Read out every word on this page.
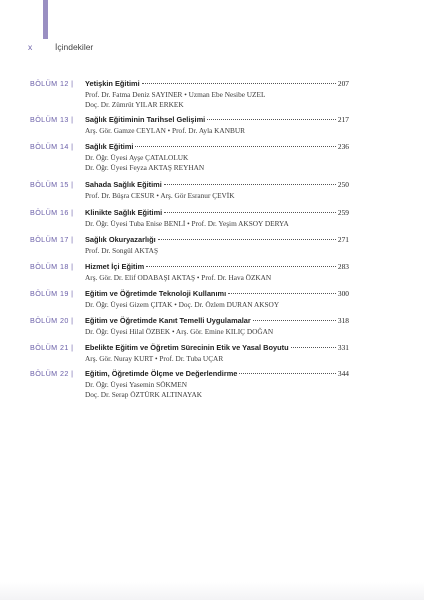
x	İçindekiler
BÖLÜM 12 | Yetişkin Eğitimi	207
Prof. Dr. Fatma Deniz SAYINER • Uzman Ebe Nesibe UZEL
Doç. Dr. Zümrüt YILAR ERKEK
BÖLÜM 13 | Sağlık Eğitiminin Tarihsel Gelişimi	217
Arş. Gör. Gamze CEYLAN • Prof. Dr. Ayla KANBUR
BÖLÜM 14 | Sağlık Eğitimi	236
Dr. Öğr. Üyesi Ayşe ÇATALOLUK
Dr. Öğr. Üyesi Feyza AKTAŞ REYHAN
BÖLÜM 15 | Sahada Sağlık Eğitimi	250
Prof. Dr. Büşra CESUR • Arş. Gör Esranur ÇEVİK
BÖLÜM 16 | Klinikte Sağlık Eğitimi	259
Dr. Öğr. Üyesi Tuba Enise BENLİ • Prof. Dr. Yeşim AKSOY DERYA
BÖLÜM 17 | Sağlık Okuryazarlığı	271
Prof. Dr. Songül AKTAŞ
BÖLÜM 18 | Hizmet İçi Eğitim	283
Arş. Gör. Dr. Elif ODABAŞI AKTAŞ • Prof. Dr. Hava ÖZKAN
BÖLÜM 19 | Eğitim ve Öğretimde Teknoloji Kullanımı	300
Dr. Öğr. Üyesi Gizem ÇITAK • Doç. Dr. Özlem DURAN AKSOY
BÖLÜM 20 | Eğitim ve Öğretimde Kanıt Temelli Uygulamalar	318
Dr. Öğr. Üyesi Hilal ÖZBEK • Arş. Gör. Emine KILIÇ DOĞAN
BÖLÜM 21 | Ebelikte Eğitim ve Öğretim Sürecinin Etik ve Yasal Boyutu	331
Arş. Gör. Nuray KURT • Prof. Dr. Tuba UÇAR
BÖLÜM 22 | Eğitim, Öğretimde Ölçme ve Değerlendirme	344
Dr. Öğr. Üyesi Yasemin SÖKMEN
Doç. Dr. Serap ÖZTÜRK ALTINAYAK
